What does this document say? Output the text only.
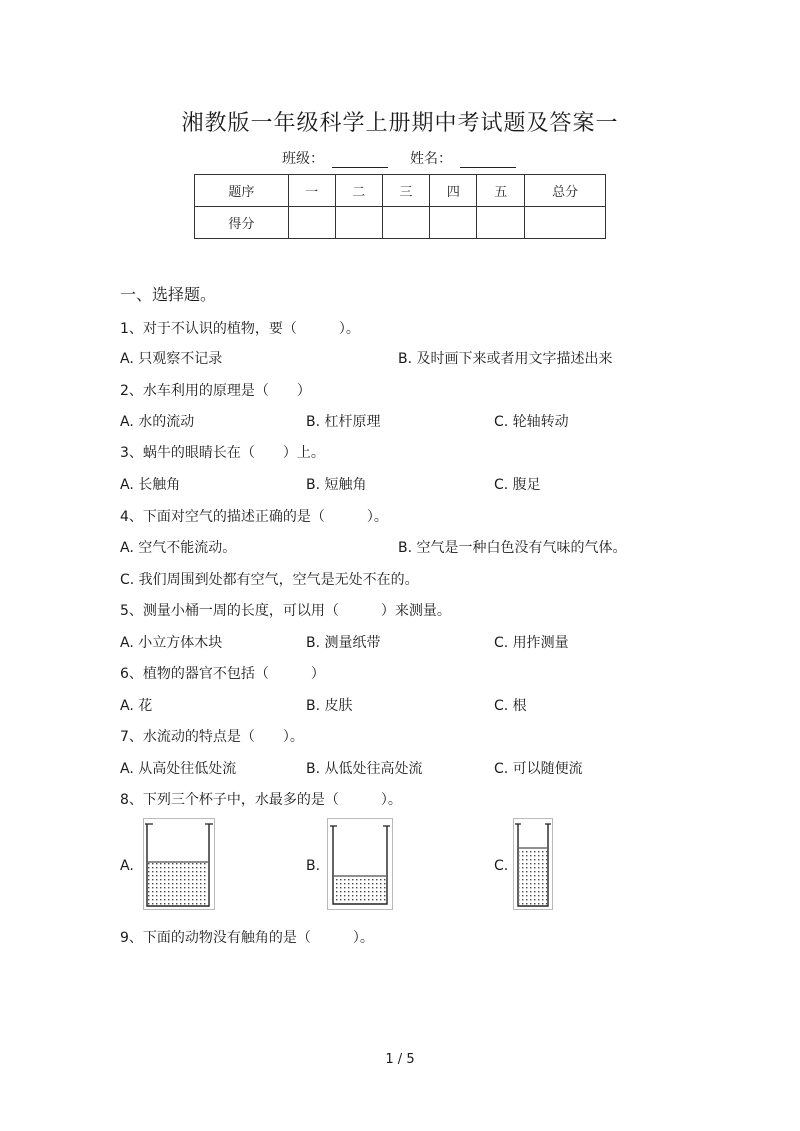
湘教版一年级科学上册期中考试题及答案一
班级：	姓名：
题序	一	二	三	四	五	总分
得分						
一、选择题。
1、对于不认识的植物，要（　　　）。
A. 只观察不记录	B. 及时画下来或者用文字描述出来
2、水车利用的原理是（　　）
A. 水的流动	B. 杠杆原理	C. 轮轴转动
3、蜗牛的眼睛长在（　　）上。
A. 长触角	B. 短触角	C. 腹足
4、下面对空气的描述正确的是（　　　）。
A. 空气不能流动。	B. 空气是一种白色没有气味的气体。
C. 我们周围到处都有空气，空气是无处不在的。
5、测量小桶一周的长度，可以用（　　　）来测量。
A. 小立方体木块	B. 测量纸带	C. 用拃测量
6、植物的器官不包括（　　　）
A. 花	B. 皮肤	C. 根
7、水流动的特点是（　　）。
A. 从高处往低处流	B. 从低处往高处流	C. 可以随便流
8、下列三个杯子中，水最多的是（　　　）。
A.	B.	C.
9、下面的动物没有触角的是（　　　）。
1 / 5
